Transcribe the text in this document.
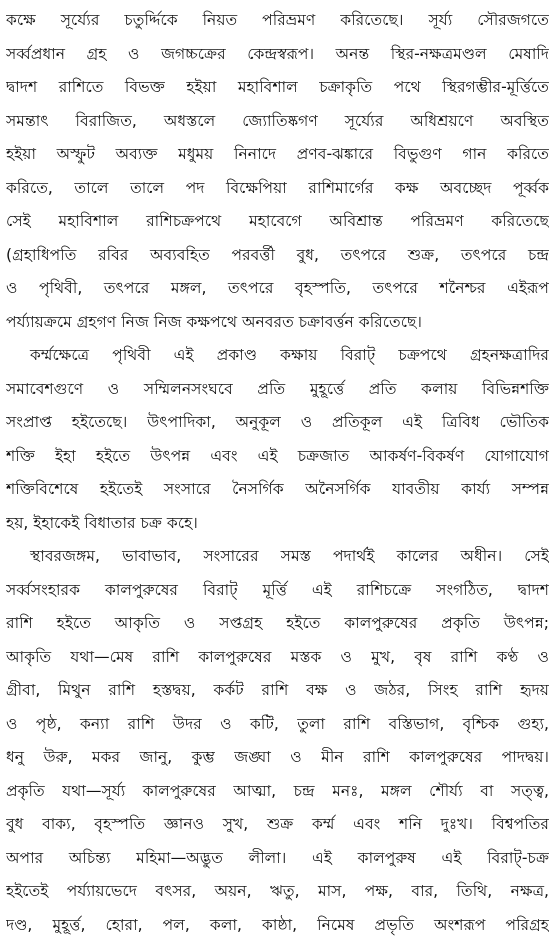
কক্ষে সূর্য্যের চতুর্দ্দিকে নিয়ত পরিভ্রমণ করিতেছে। সূর্য্য সৌরজগতে
সর্ব্বপ্রধান গ্রহ ও জগচ্চক্রের কেন্দ্রস্বরূপ। অনন্ত স্থির-নক্ষত্রমণ্ডল মেষাদি
দ্বাদশ রাশিতে বিভক্ত হইয়া মহাবিশাল চক্রাকৃতি পথে স্থিরগম্ভীর-মূর্ত্তিতে
সমন্তাৎ বিরাজিত, অধস্তলে জ্যোতিষ্কগণ সূর্য্যের অধিশ্রয়ণে অবস্থিত
হইয়া অস্ফুট অব্যক্ত মধুময় নিনাদে প্রণব-ঝঙ্কারে বিভুগুণ গান করিতে
করিতে, তালে তালে পদ বিক্ষেপিয়া রাশিমার্গের কক্ষ অবচ্ছেদ পূর্ব্বক
সেই মহাবিশাল রাশিচক্রপথে মহাবেগে অবিশ্রান্ত পরিভ্রমণ করিতেছে
(গ্রহাধিপতি রবির অব্যবহিত পরবর্ত্তী বুধ, তৎপরে শুক্র, তৎপরে চন্দ্র
ও পৃথিবী, তৎপরে মঙ্গল, তৎপরে বৃহস্পতি, তৎপরে শনৈশ্চর এইরূপ
পর্য্যায়ক্রমে গ্রহগণ নিজ নিজ কক্ষপথে অনবরত চক্রাবর্ত্তন করিতেছে।
কর্ম্মক্ষেত্রে পৃথিবী এই প্রকাণ্ড কক্ষায় বিরাট্ চক্রপথে গ্রহনক্ষত্রাদির
সমাবেশগুণে ও সম্মিলনসংঘবে প্রতি মুহূর্ত্তে প্রতি কলায় বিভিন্নশক্তি
সংপ্রাপ্ত হইতেছে। উৎপাদিকা, অনুকূল ও প্রতিকূল এই ত্রিবিধ ভৌতিক
শক্তি ইহা হইতে উৎপন্ন এবং এই চক্রজাত আকর্ষণ-বিকর্ষণ যোগাযোগ
শক্তিবিশেষে হইতেই সংসারে নৈসর্গিক অনৈসর্গিক যাবতীয় কার্য্য সম্পন্ন
হয়, ইহাকেই বিধাতার চক্র কহে।
স্থাবরজঙ্গম, ভাবাভাব, সংসারের সমস্ত পদার্থই কালের অধীন। সেই
সর্ব্বসংহারক কালপুরুষের বিরাট্ মূর্ত্তি এই রাশিচক্রে সংগঠিত, দ্বাদশ
রাশি হইতে আকৃতি ও সপ্তগ্রহ হইতে কালপুরুষের প্রকৃতি উৎপন্ন;
আকৃতি যথা—মেষ রাশি কালপুরুষের মস্তক ও মুখ, বৃষ রাশি কণ্ঠ ও
গ্রীবা, মিথুন রাশি হস্তদ্বয়, কর্কট রাশি বক্ষ ও জঠর, সিংহ রাশি হৃদয়
ও পৃষ্ঠ, কন্যা রাশি উদর ও কটি, তুলা রাশি বস্তিভাগ, বৃশ্চিক গুহ্য,
ধনু উরু, মকর জানু, কুম্ভ জঙ্ঘা ও মীন রাশি কালপুরুষের পাদদ্বয়।
প্রকৃতি যথা—সূর্য্য কালপুরুষের আত্মা, চন্দ্র মনঃ, মঙ্গল শৌর্য্য বা সত্ত্ব,
বুধ বাক্য, বৃহস্পতি জ্ঞানও সুখ, শুক্র কর্ম্ম এবং শনি দুঃখ। বিশ্বপতির
অপার অচিন্ত্য মহিমা—অদ্ভুত লীলা। এই কালপুরুষ এই বিরাট্-চক্র
হইতেই পর্য্যায়ভেদে বৎসর, অয়ন, ঋতু, মাস, পক্ষ, বার, তিথি, নক্ষত্র,
দণ্ড, মুহূর্ত্ত, হোরা, পল, কলা, কাষ্ঠা, নিমেষ প্রভৃতি অংশরূপ পরিগ্রহ
